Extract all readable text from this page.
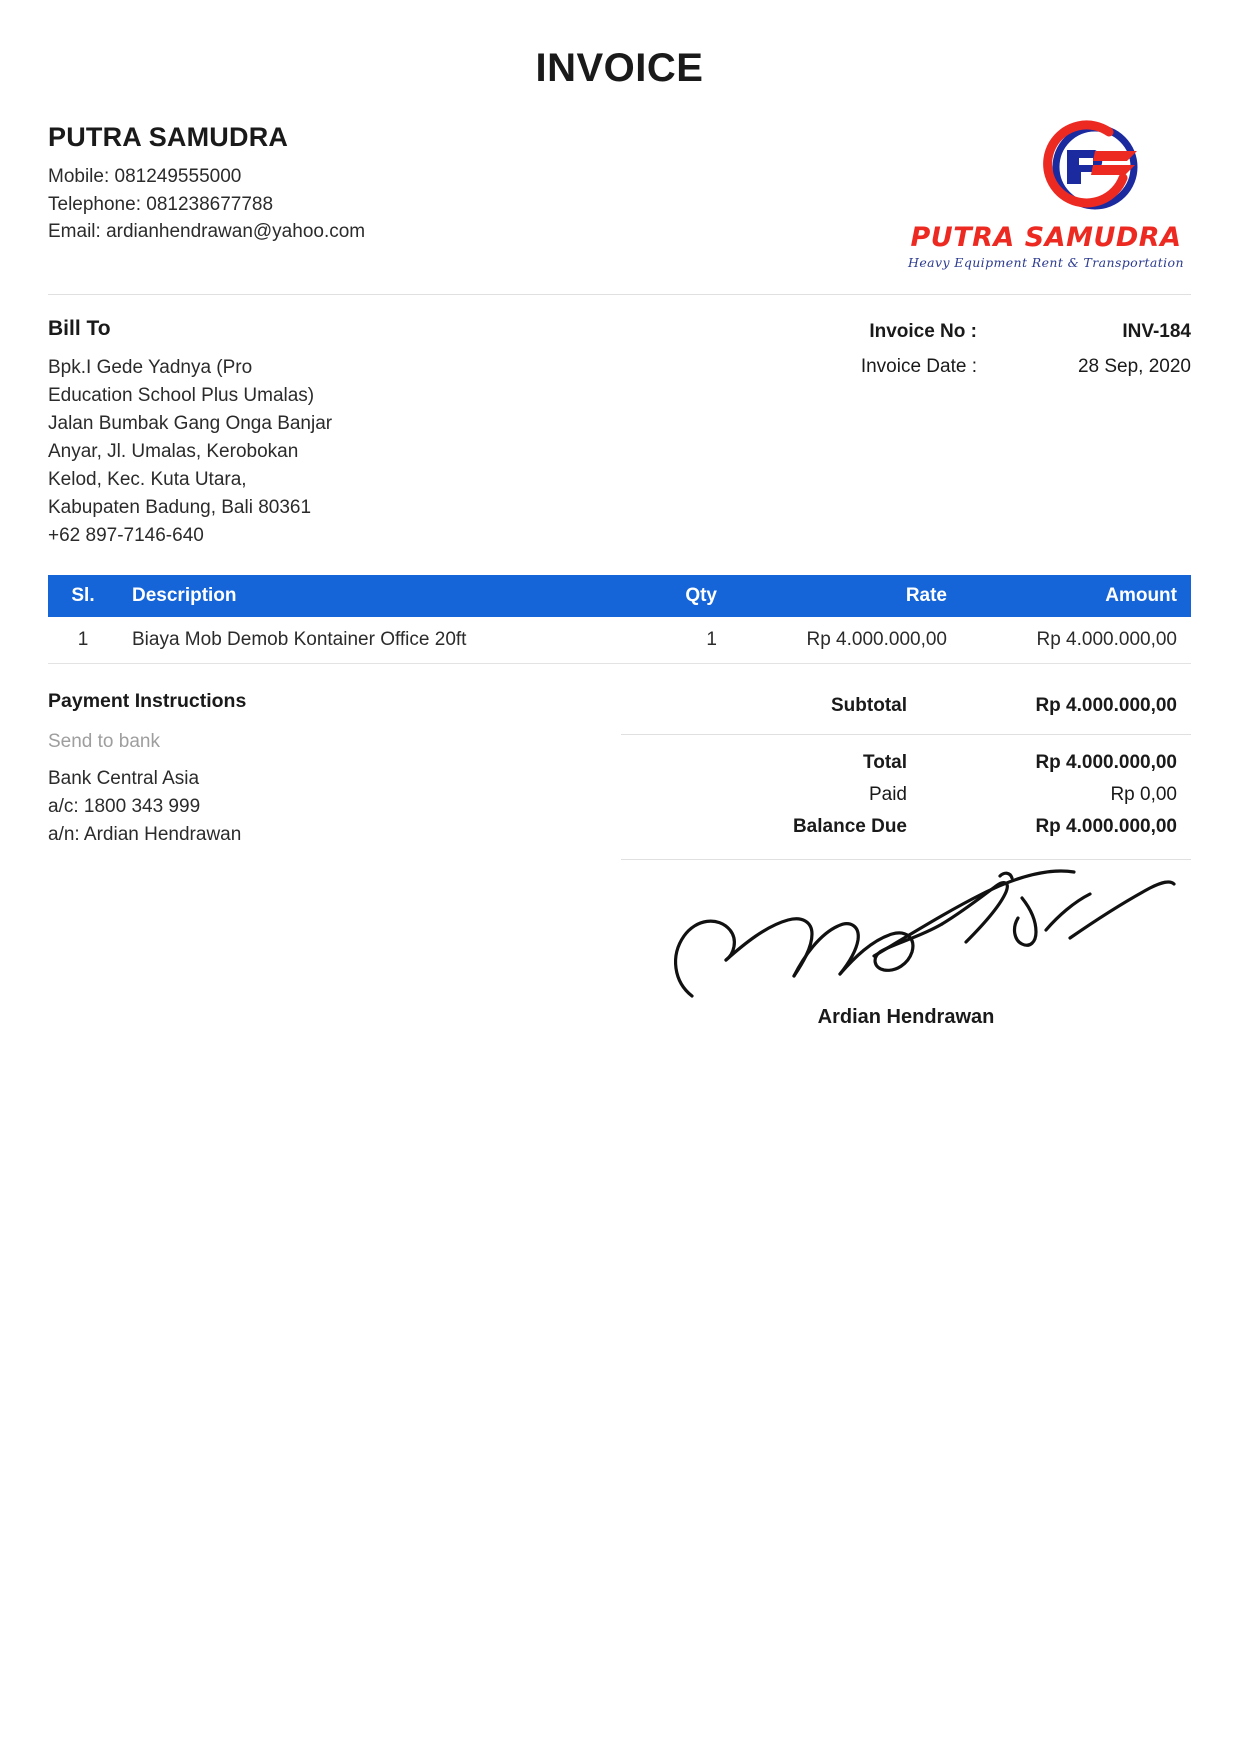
INVOICE
PUTRA SAMUDRA
Mobile: 081249555000
Telephone: 081238677788
Email: ardianhendrawan@yahoo.com	PUTRA SAMUDRA
Heavy Equipment Rent & Transportation
Bill To
Bpk.I Gede Yadnya (Pro
Education School Plus Umalas)
Jalan Bumbak Gang Onga Banjar
Anyar, Jl. Umalas, Kerobokan
Kelod, Kec. Kuta Utara,
Kabupaten Badung, Bali 80361
+62 897-7146-640
Invoice No :	INV-184
Invoice Date :	28 Sep, 2020
Sl.	Description	Qty	Rate	Amount
1	Biaya Mob Demob Kontainer Office 20ft	1	Rp 4.000.000,00	Rp 4.000.000,00
Payment Instructions
Send to bank
Bank Central Asia
a/c: 1800 343 999
a/n: Ardian Hendrawan
Subtotal	Rp 4.000.000,00

Total	Rp 4.000.000,00
Paid	Rp 0,00
Balance Due	Rp 4.000.000,00
Ardian Hendrawan
